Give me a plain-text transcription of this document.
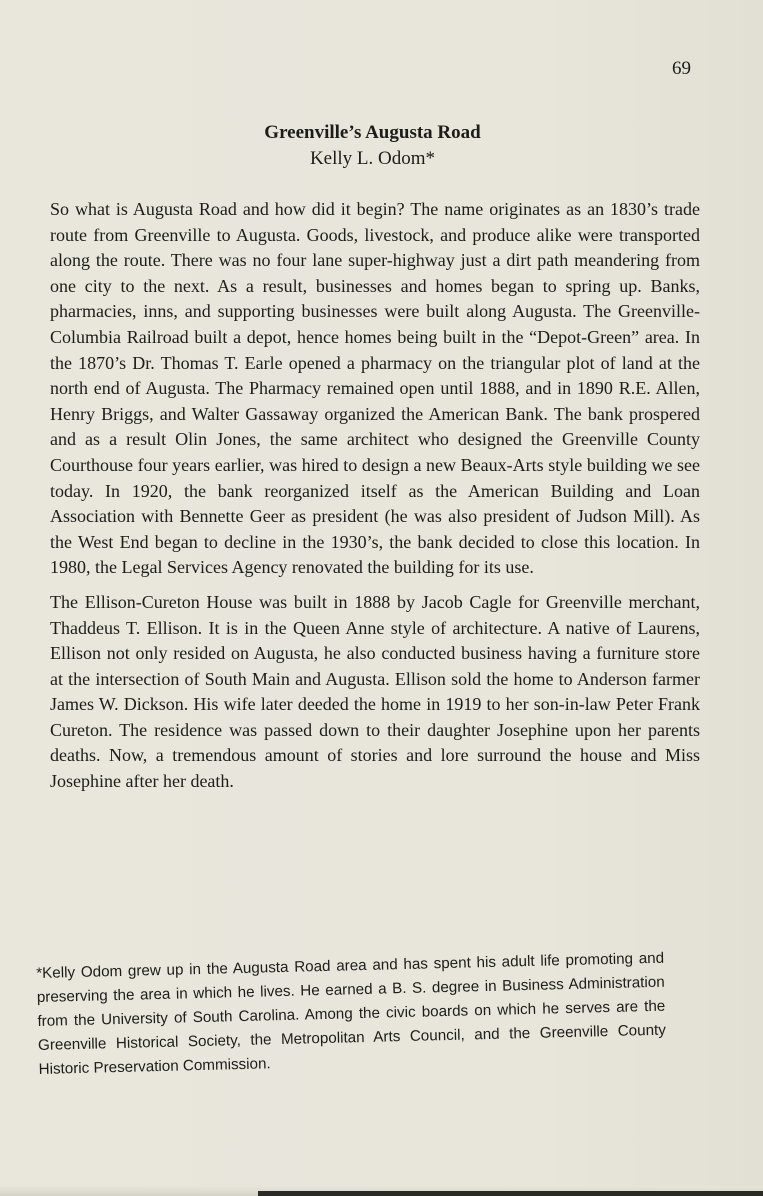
69
Greenville’s Augusta Road
Kelly L. Odom*

So what is Augusta Road and how did it begin? The name originates as an 1830’s trade route from Greenville to Augusta. Goods, livestock, and produce alike were transported along the route. There was no four lane super-highway just a dirt path meandering from one city to the next. As a result, businesses and homes began to spring up. Banks, pharmacies, inns, and supporting businesses were built along Augusta. The Greenville-Columbia Railroad built a depot, hence homes being built in the “Depot-Green” area. In the 1870’s Dr. Thomas T. Earle opened a pharmacy on the triangular plot of land at the north end of Augusta. The Pharmacy remained open until 1888, and in 1890 R.E. Allen, Henry Briggs, and Walter Gassaway organized the American Bank. The bank prospered and as a result Olin Jones, the same architect who designed the Greenville County Courthouse four years earlier, was hired to design a new Beaux-Arts style building we see today. In 1920, the bank reorganized itself as the American Building and Loan Association with Bennette Geer as president (he was also president of Judson Mill). As the West End began to decline in the 1930’s, the bank decided to close this location. In 1980, the Legal Services Agency renovated the building for its use.

The Ellison-Cureton House was built in 1888 by Jacob Cagle for Greenville merchant, Thaddeus T. Ellison. It is in the Queen Anne style of architecture. A native of Laurens, Ellison not only resided on Augusta, he also conducted business having a furniture store at the intersection of South Main and Augusta. Ellison sold the home to Anderson farmer James W. Dickson. His wife later deeded the home in 1919 to her son-in-law Peter Frank Cureton. The residence was passed down to their daughter Josephine upon her parents deaths. Now, a tremendous amount of stories and lore surround the house and Miss Josephine after her death.

*Kelly Odom grew up in the Augusta Road area and has spent his adult life promoting and preserving the area in which he lives. He earned a B. S. degree in Business Administration from the University of South Carolina. Among the civic boards on which he serves are the Greenville Historical Society, the Metropolitan Arts Council, and the Greenville County Historic Preservation Commission.
